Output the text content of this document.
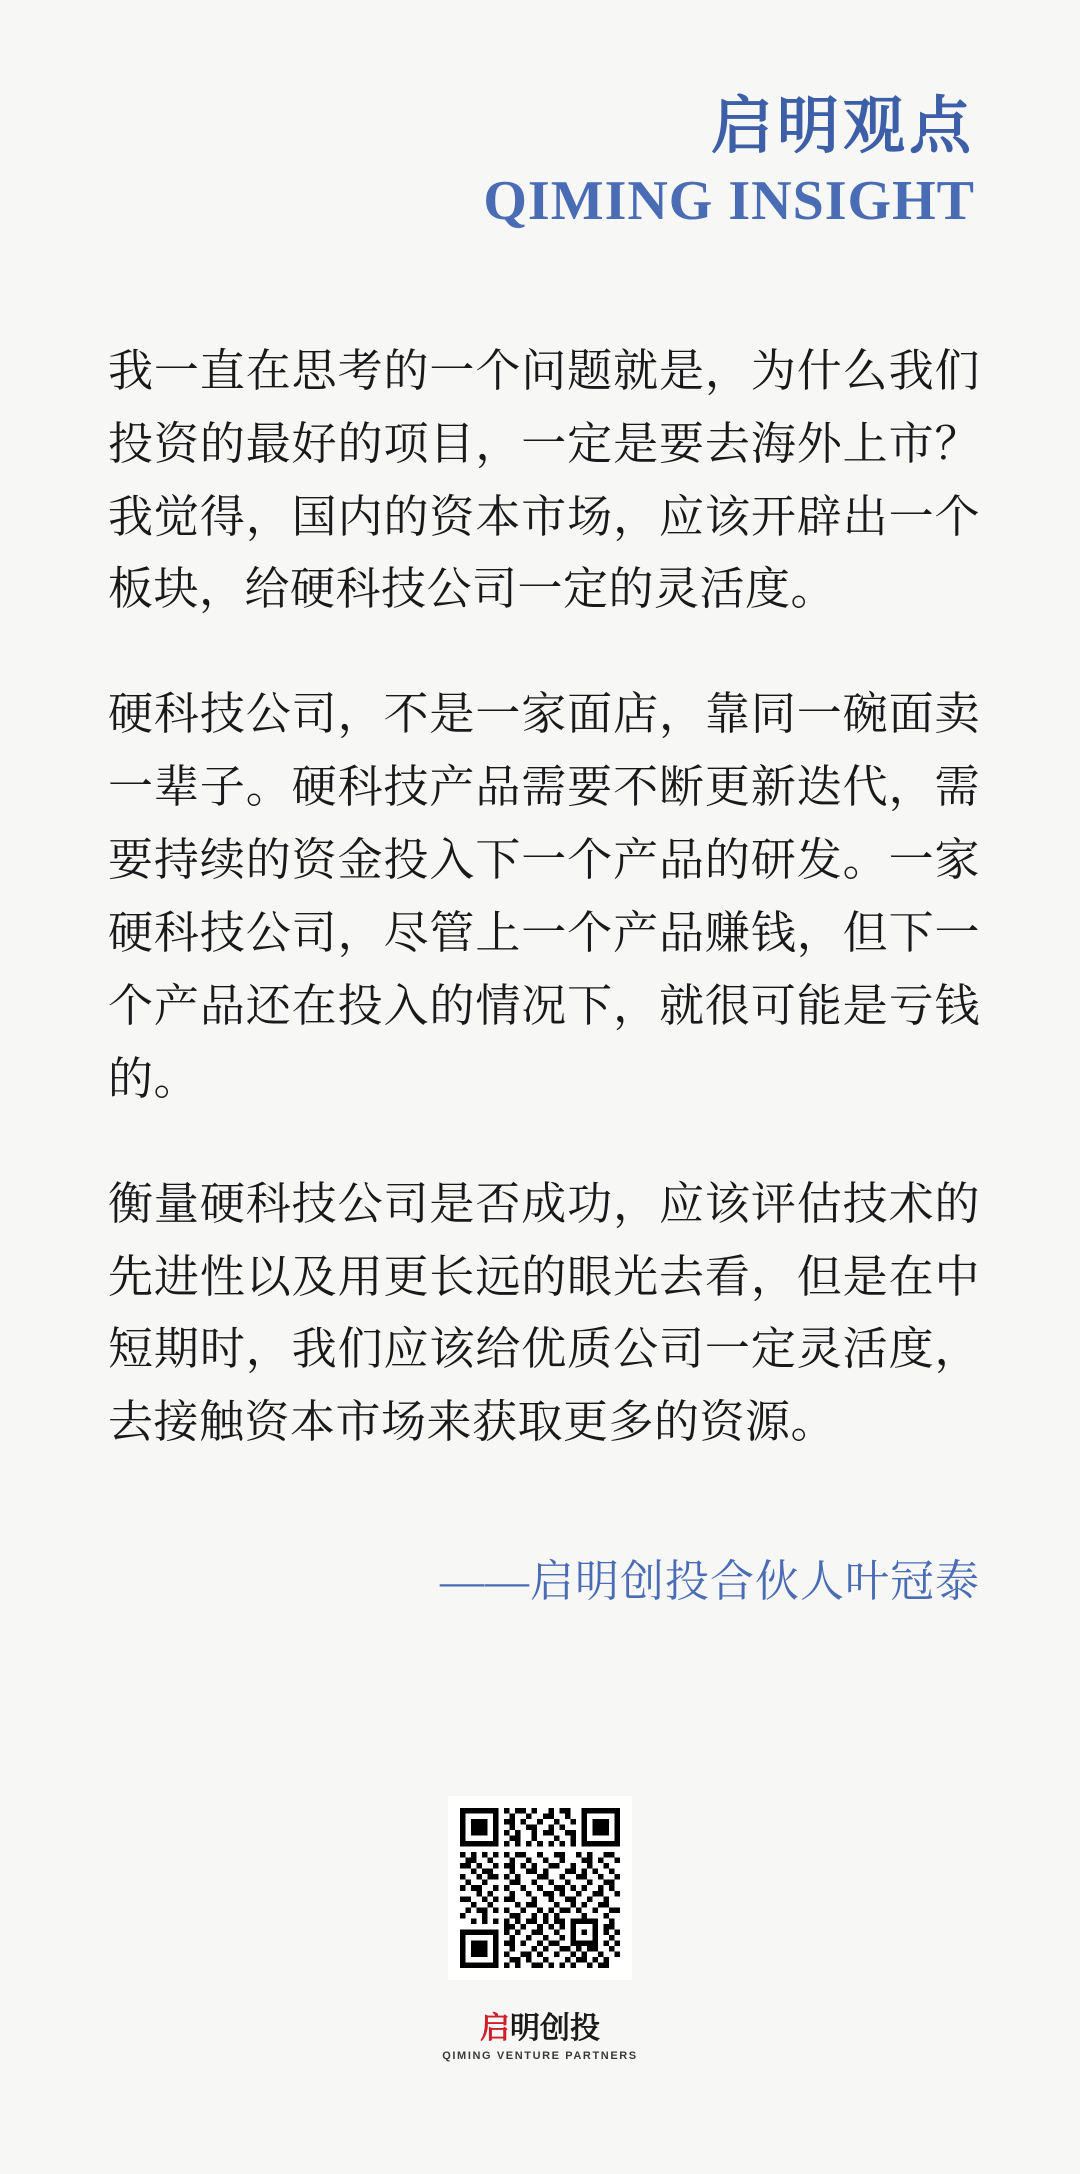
启明观点
QIMING INSIGHT

我一直在思考的一个问题就是，为什么我们投资的最好的项目，一定是要去海外上市？我觉得，国内的资本市场，应该开辟出一个板块，给硬科技公司一定的灵活度。

硬科技公司，不是一家面店，靠同一碗面卖一辈子。硬科技产品需要不断更新迭代，需要持续的资金投入下一个产品的研发。一家硬科技公司，尽管上一个产品赚钱，但下一个产品还在投入的情况下，就很可能是亏钱的。

衡量硬科技公司是否成功，应该评估技术的先进性以及用更长远的眼光去看，但是在中短期时，我们应该给优质公司一定灵活度，去接触资本市场来获取更多的资源。

——启明创投合伙人叶冠泰
启 明创投
QIMING VENTURE PARTNERS
